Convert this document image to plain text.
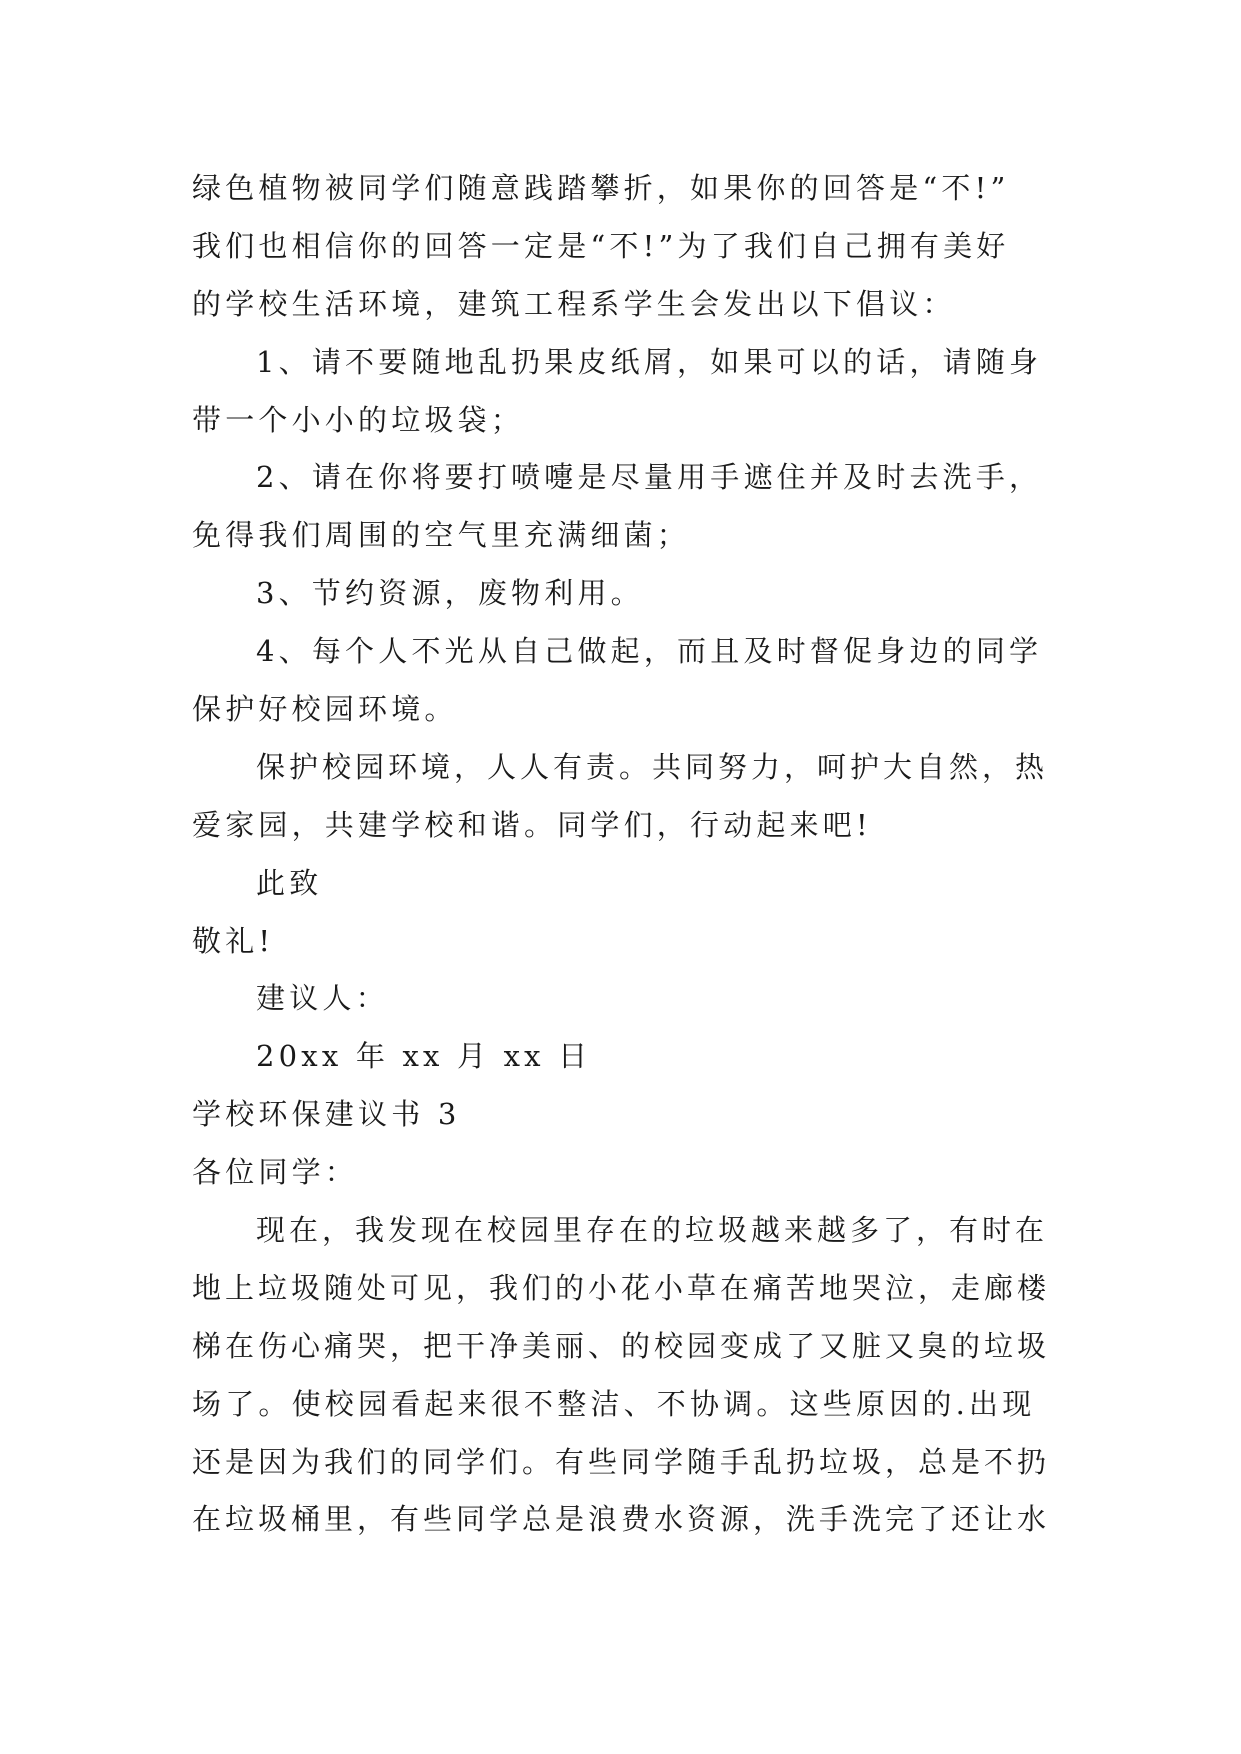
绿色植物被同学们随意践踏攀折，如果你的回答是“不!”
我们也相信你的回答一定是“不!”为了我们自己拥有美好
的学校生活环境，建筑工程系学生会发出以下倡议：
1、请不要随地乱扔果皮纸屑，如果可以的话，请随身
带一个小小的垃圾袋；
2、请在你将要打喷嚏是尽量用手遮住并及时去洗手，
免得我们周围的空气里充满细菌；
3、节约资源，废物利用。
4、每个人不光从自己做起，而且及时督促身边的同学
保护好校园环境。
保护校园环境，人人有责。共同努力，呵护大自然，热
爱家园，共建学校和谐。同学们，行动起来吧!
此致
敬礼!
建议人：
20xx 年 xx 月 xx 日
学校环保建议书 3
各位同学：
现在，我发现在校园里存在的垃圾越来越多了，有时在
地上垃圾随处可见，我们的小花小草在痛苦地哭泣，走廊楼
梯在伤心痛哭，把干净美丽、的校园变成了又脏又臭的垃圾
场了。使校园看起来很不整洁、不协调。这些原因的.出现
还是因为我们的同学们。有些同学随手乱扔垃圾，总是不扔
在垃圾桶里，有些同学总是浪费水资源，洗手洗完了还让水
